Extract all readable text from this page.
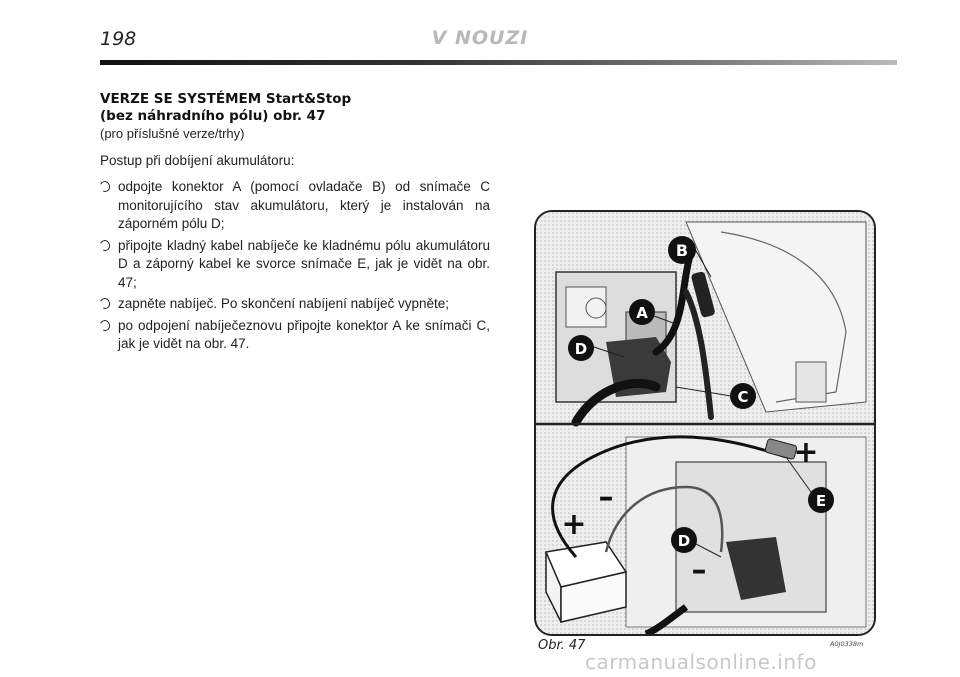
198	V NOUZI
VERZE SE SYSTÉMEM Start&Stop
(bez náhradního pólu) obr. 47
(pro příslušné verze/trhy)
Postup při dobíjení akumulátoru:
odpojte konektor A (pomocí ovladače B) od snímače C monitorujícího stav akumulátoru, který je instalován na záporném pólu D;
připojte kladný kabel nabíječe ke kladnému pólu akumulátoru D a záporný kabel ke svorce snímače E, jak je vidět na obr. 47;
zapněte nabíječ. Po skončení nabíjení nabíječ vypněte;
po odpojení nabíječeznovu připojte konektor A ke snímači C, jak je vidět na obr. 47.
B
A
D
C
E
D
+
–
+
–
Obr. 47	A0J0338m
carmanualsonline.info
